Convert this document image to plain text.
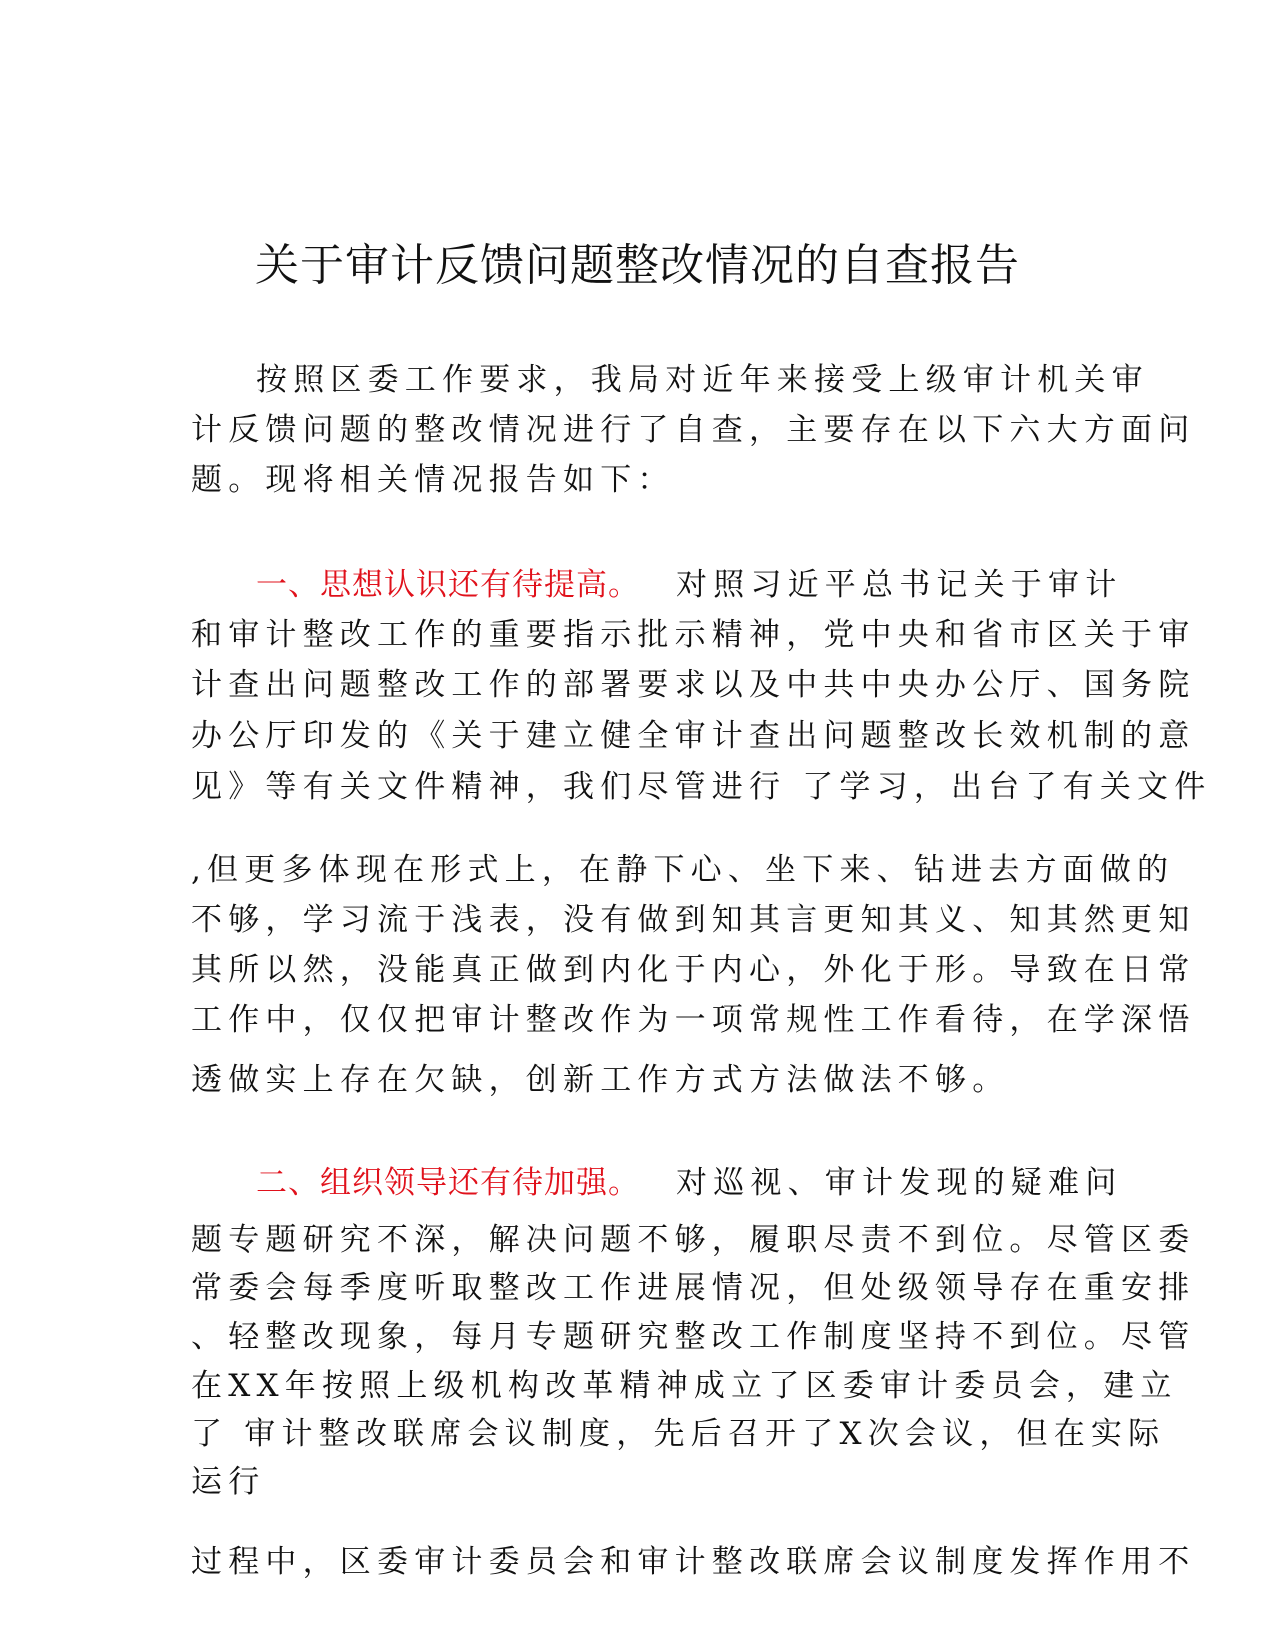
关于审计反馈问题整改情况的自查报告
按照区委工作要求，我局对近年来接受上级审计机关审
计反馈问题的整改情况进行了自查，主要存在以下六大方面问
题。现将相关情况报告如下：
一、思想认识还有待提高。 对照习近平总书记关于审计
和审计整改工作的重要指示批示精神，党中央和省市区关于审
计查出问题整改工作的部署要求以及中共中央办公厅、国务院
办公厅印发的《关于建立健全审计查出问题整改长效机制的意
见》等有关文件精神，我们尽管进行 了学习，出台了有关文件
,但更多体现在形式上，在静下心、坐下来、钻进去方面做的
不够，学习流于浅表，没有做到知其言更知其义、知其然更知
其所以然，没能真正做到内化于内心，外化于形。导致在日常
工作中，仅仅把审计整改作为一项常规性工作看待，在学深悟
透做实上存在欠缺，创新工作方式方法做法不够。
二、组织领导还有待加强。 对巡视、审计发现的疑难问
题专题研究不深，解决问题不够，履职尽责不到位。尽管区委
常委会每季度听取整改工作进展情况，但处级领导存在重安排
、轻整改现象，每月专题研究整改工作制度坚持不到位。尽管
在XX年按照上级机构改革精神成立了区委审计委员会，建立
了 审计整改联席会议制度，先后召开了X次会议，但在实际
运行
过程中，区委审计委员会和审计整改联席会议制度发挥作用不
